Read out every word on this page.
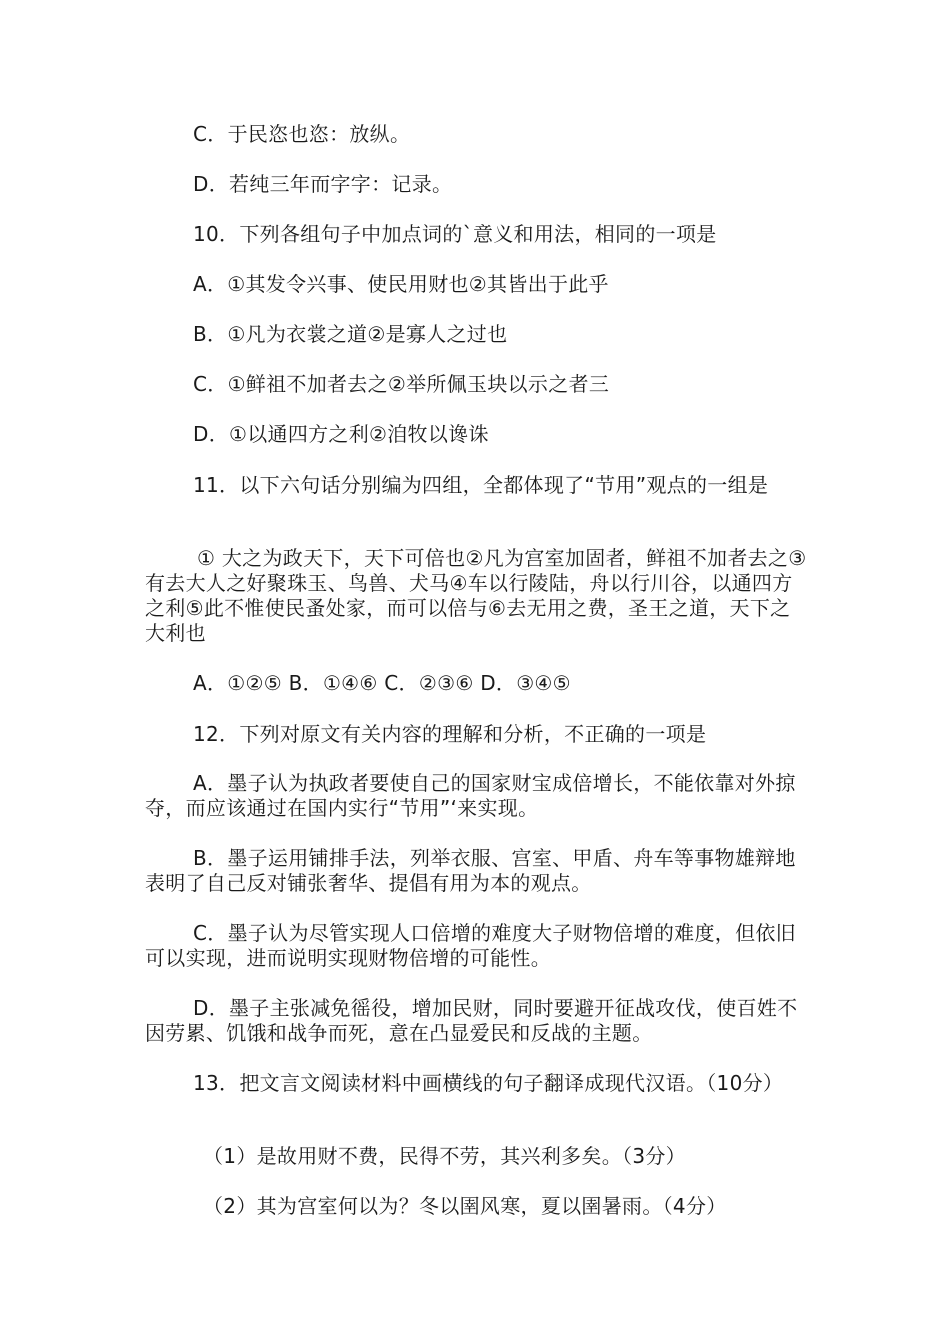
C．于民恣也恣：放纵。
D．若纯三年而字字：记录。
10．下列各组句子中加点词的`意义和用法，相同的一项是
A．①其发令兴事、使民用财也②其皆出于此乎
B．①凡为衣裳之道②是寡人之过也
C．①鲜祖不加者去之②举所佩玉块以示之者三
D．①以通四方之利②洎牧以谗诛
11．以下六句话分别编为四组，全都体现了“节用”观点的一组是
① 大之为政天下，天下可倍也②凡为宫室加固者，鲜祖不加者去之③有去大人之好聚珠玉、鸟兽、犬马④车以行陵陆，舟以行川谷，以通四方之利⑤此不惟使民蚤处家，而可以倍与⑥去无用之费，圣王之道，天下之大利也
A．①②⑤ B．①④⑥ C．②③⑥ D．③④⑤
12．下列对原文有关内容的理解和分析，不正确的一项是
A．墨子认为执政者要使自己的国家财宝成倍增长，不能依靠对外掠夺，而应该通过在国内实行“节用”‘来实现。
B．墨子运用铺排手法，列举衣服、宫室、甲盾、舟车等事物雄辩地表明了自己反对铺张奢华、提倡有用为本的观点。
C．墨子认为尽管实现人口倍增的难度大子财物倍增的难度，但依旧可以实现，进而说明实现财物倍增的可能性。
D．墨子主张减免徭役，增加民财，同时要避开征战攻伐，使百姓不因劳累、饥饿和战争而死，意在凸显爱民和反战的主题。
13．把文言文阅读材料中画横线的句子翻译成现代汉语。（10分）
（1）是故用财不费，民得不劳，其兴利多矣。（3分）
（2）其为宫室何以为？冬以圉风寒，夏以圉暑雨。（4分）
